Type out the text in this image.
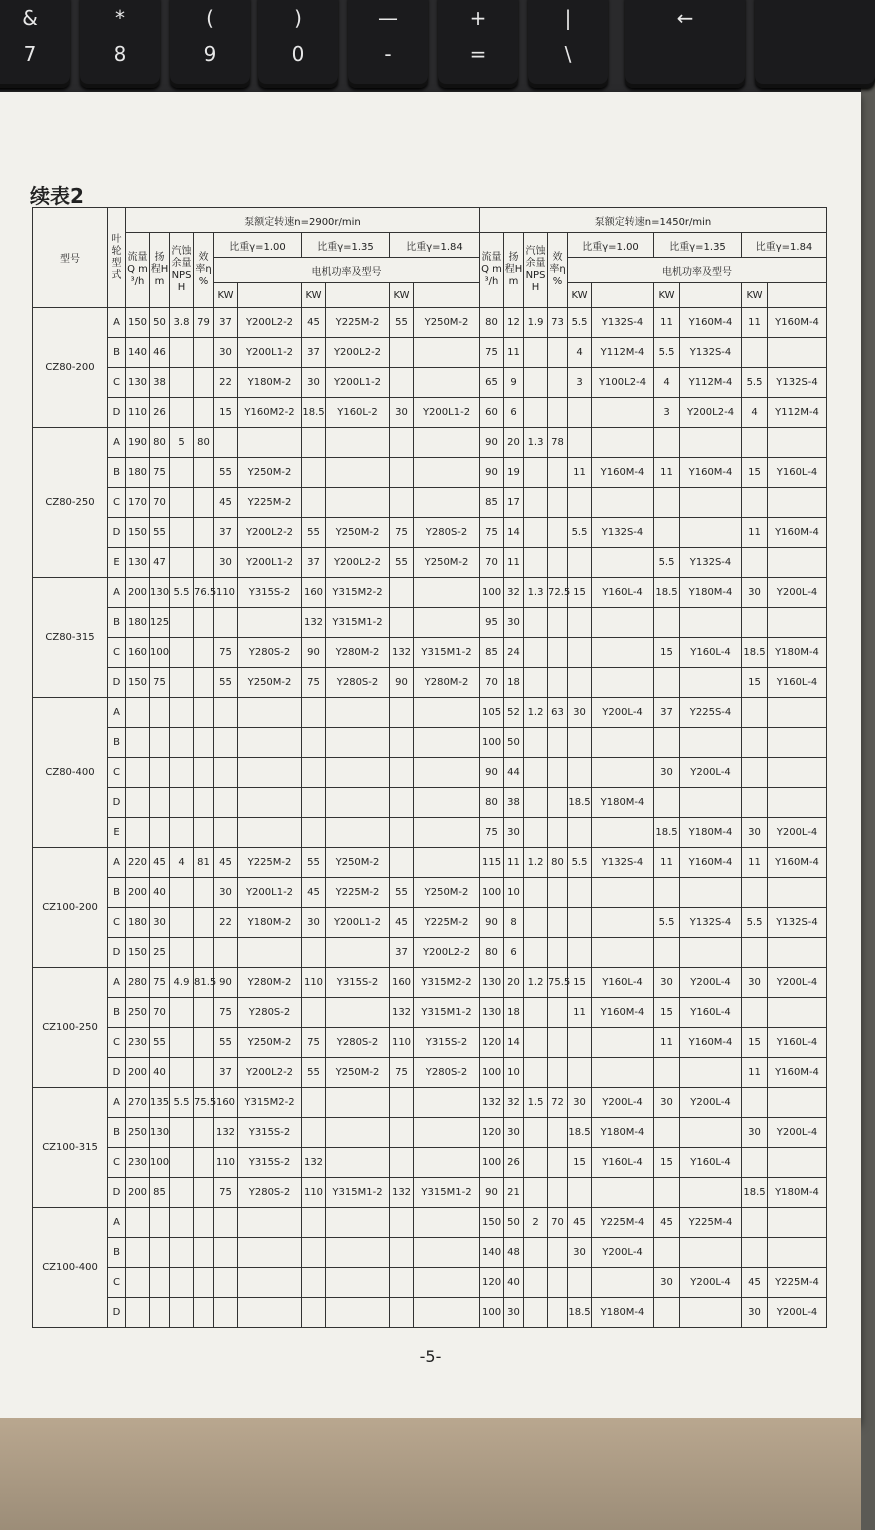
&
7
*
8
(
9
)
0
—
-
+
=
|
\
←
续表2
型号	叶轮型式	泵额定转速n=2900r/min										泵额定转速n=1450r/min									
		流量Q m³/h	扬程H m	汽蚀余量 NPSH	效率η %	比重γ=1.00		比重γ=1.35		比重γ=1.84		流量Q m³/h	扬程H m	汽蚀余量 NPSH	效率η %	比重γ=1.00		比重γ=1.35		比重γ=1.84	
						电机功率及型号										电机功率及型号					
						KW		KW		KW						KW		KW		KW	
CZ80-200	A	150	50	3.8	79	37	Y200L2-2	45	Y225M-2	55	Y250M-2	80	12	1.9	73	5.5	Y132S-4	11	Y160M-4	11	Y160M-4
	B	140	46			30	Y200L1-2	37	Y200L2-2			75	11			4	Y112M-4	5.5	Y132S-4		
	C	130	38			22	Y180M-2	30	Y200L1-2			65	9			3	Y100L2-4	4	Y112M-4	5.5	Y132S-4
	D	110	26			15	Y160M2-2	18.5	Y160L-2	30	Y200L1-2	60	6					3	Y200L2-4	4	Y112M-4
CZ80-250	A	190	80	5	80							90	20	1.3	78						
	B	180	75			55	Y250M-2					90	19			11	Y160M-4	11	Y160M-4	15	Y160L-4
	C	170	70			45	Y225M-2					85	17								
	D	150	55			37	Y200L2-2	55	Y250M-2	75	Y280S-2	75	14			5.5	Y132S-4			11	Y160M-4
	E	130	47			30	Y200L1-2	37	Y200L2-2	55	Y250M-2	70	11					5.5	Y132S-4		
CZ80-315	A	200	130	5.5	76.5	110	Y315S-2	160	Y315M2-2			100	32	1.3	72.5	15	Y160L-4	18.5	Y180M-4	30	Y200L-4
	B	180	125					132	Y315M1-2			95	30								
	C	160	100			75	Y280S-2	90	Y280M-2	132	Y315M1-2	85	24					15	Y160L-4	18.5	Y180M-4
	D	150	75			55	Y250M-2	75	Y280S-2	90	Y280M-2	70	18							15	Y160L-4
CZ80-400	A											105	52	1.2	63	30	Y200L-4	37	Y225S-4		
	B											100	50								
	C											90	44					30	Y200L-4		
	D											80	38			18.5	Y180M-4				
	E											75	30					18.5	Y180M-4	30	Y200L-4
CZ100-200	A	220	45	4	81	45	Y225M-2	55	Y250M-2			115	11	1.2	80	5.5	Y132S-4	11	Y160M-4	11	Y160M-4
	B	200	40			30	Y200L1-2	45	Y225M-2	55	Y250M-2	100	10								
	C	180	30			22	Y180M-2	30	Y200L1-2	45	Y225M-2	90	8					5.5	Y132S-4	5.5	Y132S-4
	D	150	25							37	Y200L2-2	80	6								
CZ100-250	A	280	75	4.9	81.5	90	Y280M-2	110	Y315S-2	160	Y315M2-2	130	20	1.2	75.5	15	Y160L-4	30	Y200L-4	30	Y200L-4
	B	250	70			75	Y280S-2			132	Y315M1-2	130	18			11	Y160M-4	15	Y160L-4		
	C	230	55			55	Y250M-2	75	Y280S-2	110	Y315S-2	120	14					11	Y160M-4	15	Y160L-4
	D	200	40			37	Y200L2-2	55	Y250M-2	75	Y280S-2	100	10							11	Y160M-4
CZ100-315	A	270	135	5.5	75.5	160	Y315M2-2					132	32	1.5	72	30	Y200L-4	30	Y200L-4		
	B	250	130			132	Y315S-2					120	30			18.5	Y180M-4			30	Y200L-4
	C	230	100			110	Y315S-2	132				100	26			15	Y160L-4	15	Y160L-4		
	D	200	85			75	Y280S-2	110	Y315M1-2	132	Y315M1-2	90	21							18.5	Y180M-4
CZ100-400	A											150	50	2	70	45	Y225M-4	45	Y225M-4		
	B											140	48			30	Y200L-4				
	C											120	40					30	Y200L-4	45	Y225M-4
	D											100	30			18.5	Y180M-4			30	Y200L-4
-5-
